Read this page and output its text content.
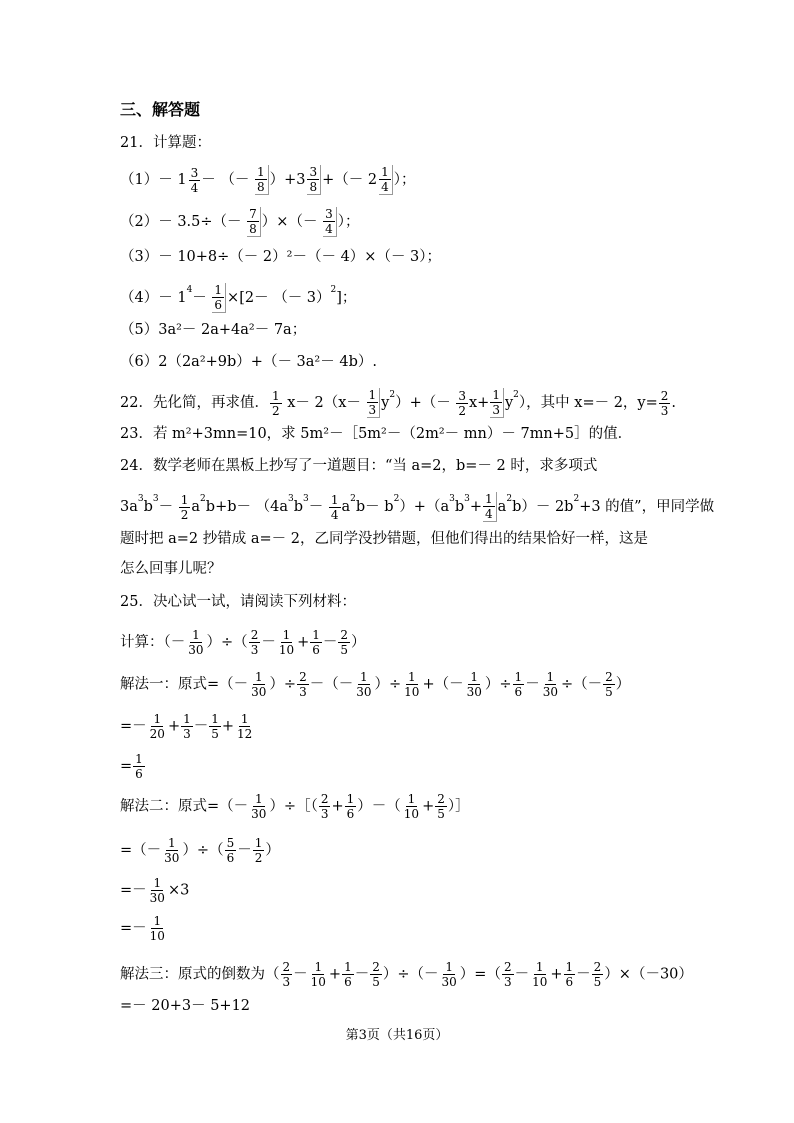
三、解答题
21．计算题：
$(1)- 1 \frac{3}{4}$ － （－ $\frac{1}{8}$ ）+ $3 \frac{3}{8}$ +（－ $2 \frac{1}{4}$ ）；
$(2)- 3.5\div(- \frac{7}{8}$ ）×（－ $\frac{3}{4}$ ）；
（3）－ 10+8÷（－ 2）²－（－ 4）×（－ 3）；
$(4)- 1^4- \frac{1}{6} \times[2-$ （－ 3）$^2$]；
（5）3a²－ 2a+4a²－ 7a；
（6）2（2a²+9b）+（－ 3a²－ 4b）.
22．先化简，再求值． $\frac{1}{2} x- 2(x- \frac{1}{3} y^2)+(- \frac{3}{2} x+ \frac{1}{3} y^2)$，其中 x=－ 2，$y= \frac{2}{3}$ .
23．若 m²+3mn=10，求 5m²－［5m²－（2m²－ mn）－ 7mn+5］的值．
24．数学老师在黑板上抄写了一道题目：“当 a=2，b=－ 2 时，求多项式
$3a^3b^3- \frac{1}{2} a^2b+b- (4a^3b^3- \frac{1}{4} a^2b- b^2)+(a^3b^3+ \frac{1}{4} a^2b)- 2b^2+3$ 的值”，甲同学做
题时把 a=2 抄错成 a=－ 2，乙同学没抄错题，但他们得出的结果恰好一样，这是
怎么回事儿呢？
25．决心试一试，请阅读下列材料：
计算：（－ $\frac{1}{30}$ ）÷（ $\frac{2}{3} - \frac{1}{10} + \frac{1}{6} - \frac{2}{5}$ ）
解法一：原式=（－ $\frac{1}{30}$ ）÷ $\frac{2}{3}$ －（－ $\frac{1}{30}$ ）÷ $\frac{1}{10}$ +（－ $\frac{1}{30}$ ）÷ $\frac{1}{6} - \frac{1}{30}$ ÷（－ $\frac{2}{5}$ ）
=－ $\frac{1}{20} + \frac{1}{3} - \frac{1}{5} + \frac{1}{12}$
= $\frac{1}{6}$
解法二：原式=（－ $\frac{1}{30}$ ）÷［（ $\frac{2}{3} + \frac{1}{6}$ ）－（ $\frac{1}{10} + \frac{2}{5}$ ）］
=（－ $\frac{1}{30}$ ）÷（ $\frac{5}{6} - \frac{1}{2}$ ）
=－ $\frac{1}{30} \times 3$
=－ $\frac{1}{10}$
解法三：原式的倒数为（ $\frac{2}{3} - \frac{1}{10} + \frac{1}{6} - \frac{2}{5}$ ）÷（－ $\frac{1}{30}$ ）=（ $\frac{2}{3} - \frac{1}{10} + \frac{1}{6} - \frac{2}{5} )\times(-30)$
=－ 20+3－ 5+12
第3页（共16页）
